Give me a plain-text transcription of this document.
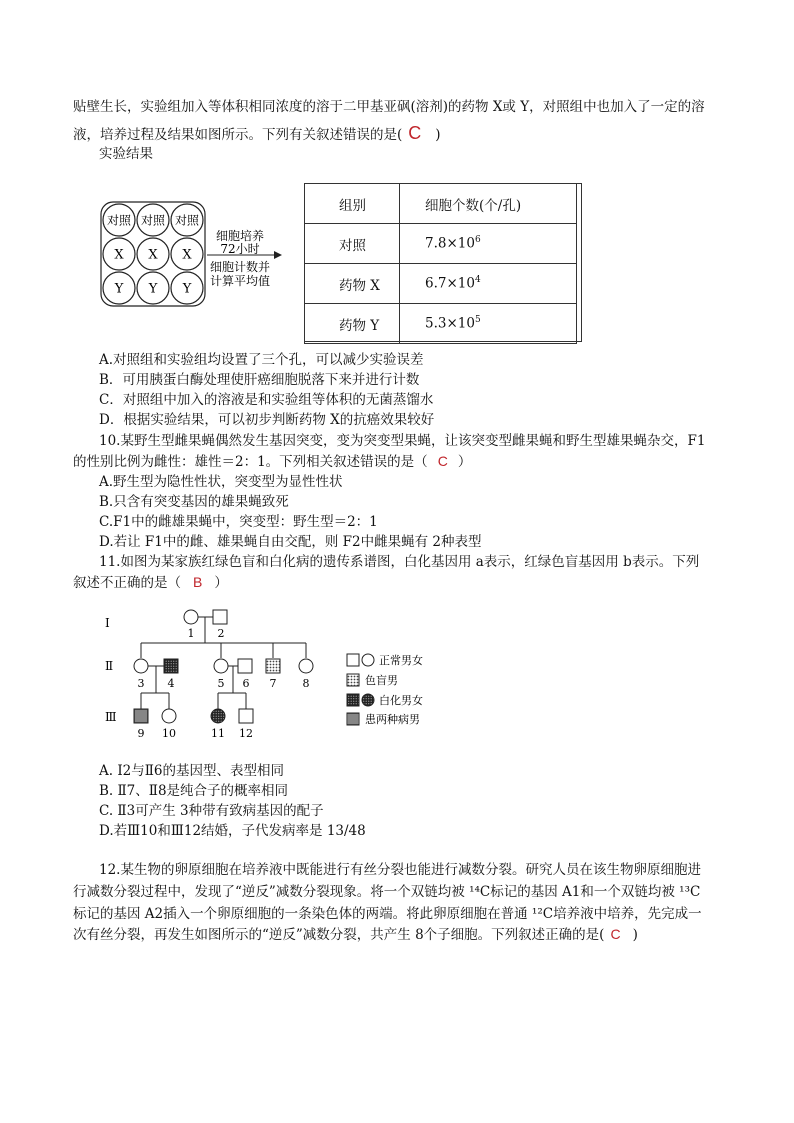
贴壁生长，实验组加入等体积相同浓度的溶于二甲基亚砜(溶剂)的药物 X或 Y，对照组中也加入了一定的溶
液，培养过程及结果如图所示。下列有关叙述错误的是( C )
实验结果
对照 对照 对照
X X X
Y Y Y
细胞培养
72小时
细胞计数并
计算平均值
组别	细胞个数(个/孔)
对照	$7.8\times 10^6$
药物 X	$6.7\times 10^4$
药物 Y	$5.3\times 10^5$
A.对照组和实验组均设置了三个孔，可以减少实验误差
B．可用胰蛋白酶处理使肝癌细胞脱落下来并进行计数
C．对照组中加入的溶液是和实验组等体积的无菌蒸馏水
D．根据实验结果，可以初步判断药物 X的抗癌效果较好
10.某野生型雌果蝇偶然发生基因突变，变为突变型果蝇，让该突变型雌果蝇和野生型雄果蝇杂交，F1
的性别比例为雌性：雄性＝2：1。下列相关叙述错误的是（ C ）
A.野生型为隐性性状，突变型为显性性状
B.只含有突变基因的雄果蝇致死
C.F1中的雌雄果蝇中，突变型：野生型＝2：1
D.若让 F1中的雌、雄果蝇自由交配，则 F2中雌果蝇有 2种表型
11.如图为某家族红绿色盲和白化病的遗传系谱图，白化基因用 a表示，红绿色盲基因用 b表示。下列
叙述不正确的是（ B ）
Ⅰ
Ⅱ
Ⅲ
1 2
3 4	5 6 7 8
9 10	11 12
正常男女
色盲男
白化男女
患两种病男
A. Ⅰ2与Ⅱ6的基因型、表型相同
B. Ⅱ7、Ⅱ8是纯合子的概率相同
C. Ⅱ3可产生 3种带有致病基因的配子
D.若Ⅲ10和Ⅲ12结婚，子代发病率是 13/48
12.某生物的卵原细胞在培养液中既能进行有丝分裂也能进行减数分裂。研究人员在该生物卵原细胞进
行减数分裂过程中，发现了“逆反”减数分裂现象。将一个双链均被 ¹⁴C标记的基因 A1和一个双链均被 ¹³C
标记的基因 A2插入一个卵原细胞的一条染色体的两端。将此卵原细胞在普通 ¹²C培养液中培养，先完成一
次有丝分裂，再发生如图所示的“逆反”减数分裂，共产生 8个子细胞。下列叙述正确的是( C )
